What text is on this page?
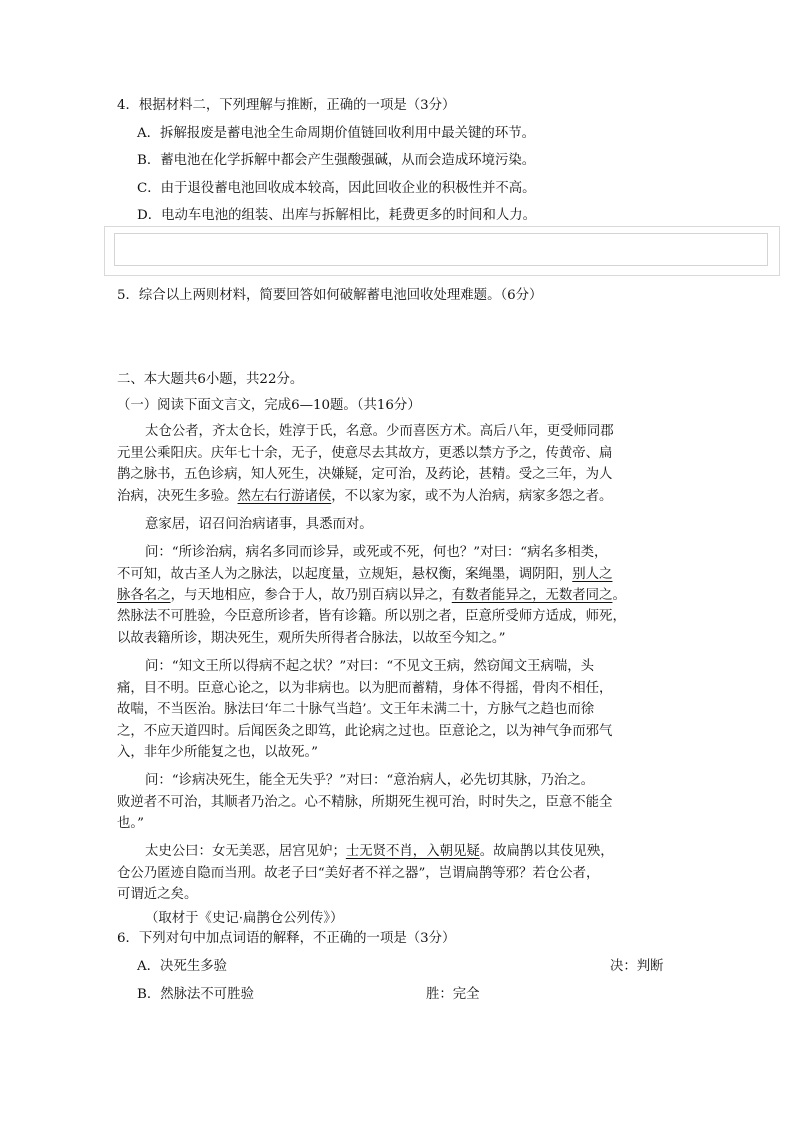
4．根据材料二，下列理解与推断，正确的一项是（3分）
A．拆解报废是蓄电池全生命周期价值链回收利用中最关键的环节。
B．蓄电池在化学拆解中都会产生强酸强碱，从而会造成环境污染。
C．由于退役蓄电池回收成本较高，因此回收企业的积极性并不高。
D．电动车电池的组装、出库与拆解相比，耗费更多的时间和人力。
5．综合以上两则材料，简要回答如何破解蓄电池回收处理难题。（6分）
二、本大题共6小题，共22分。
（一）阅读下面文言文，完成6—10题。（共16分）
太仓公者，齐太仓长，姓淳于氏，名意。少而喜医方术。高后八年，更受师同郡
元里公乘阳庆。庆年七十余，无子，使意尽去其故方，更悉以禁方予之，传黄帝、扁
鹊之脉书，五色诊病，知人死生，决嫌疑，定可治，及药论，甚精。受之三年，为人
治病，决死生多验。然左右行游诸侯，不以家为家，或不为人治病，病家多怨之者。
意家居，诏召问治病诸事，具悉而对。
问：“所诊治病，病名多同而诊异，或死或不死，何也？”对曰：“病名多相类，
不可知，故古圣人为之脉法，以起度量，立规矩，悬权衡，案绳墨，调阴阳，别人之
脉各名之，与天地相应，参合于人，故乃别百病以异之，有数者能异之，无数者同之。
然脉法不可胜验，今臣意所诊者，皆有诊籍。所以别之者，臣意所受师方适成，师死，
以故表籍所诊，期决死生，观所失所得者合脉法，以故至今知之。”
问：“知文王所以得病不起之状？”对曰：“不见文王病，然窃闻文王病喘，头
痛，目不明。臣意心论之，以为非病也。以为肥而蓄精，身体不得摇，骨肉不相任，
故喘，不当医治。脉法曰‘年二十脉气当趋’。文王年未满二十，方脉气之趋也而徐
之，不应天道四时。后闻医灸之即笃，此论病之过也。臣意论之，以为神气争而邪气
入，非年少所能复之也，以故死。”
问：“诊病决死生，能全无失乎？”对曰：“意治病人，必先切其脉，乃治之。
败逆者不可治，其顺者乃治之。心不精脉，所期死生视可治，时时失之，臣意不能全
也。”
太史公曰：女无美恶，居宫见妒；士无贤不肖，入朝见疑。故扁鹊以其伎见殃，
仓公乃匿迹自隐而当刑。故老子曰“美好者不祥之器”，岂谓扁鹊等邪？若仓公者，
可谓近之矣。
（取材于《史记·扁鹊仓公列传》）
6．下列对句中加点词语的解释，不正确的一项是（3分）
A．决死生多验	决：判断
B．然脉法不可胜验	胜：完全
